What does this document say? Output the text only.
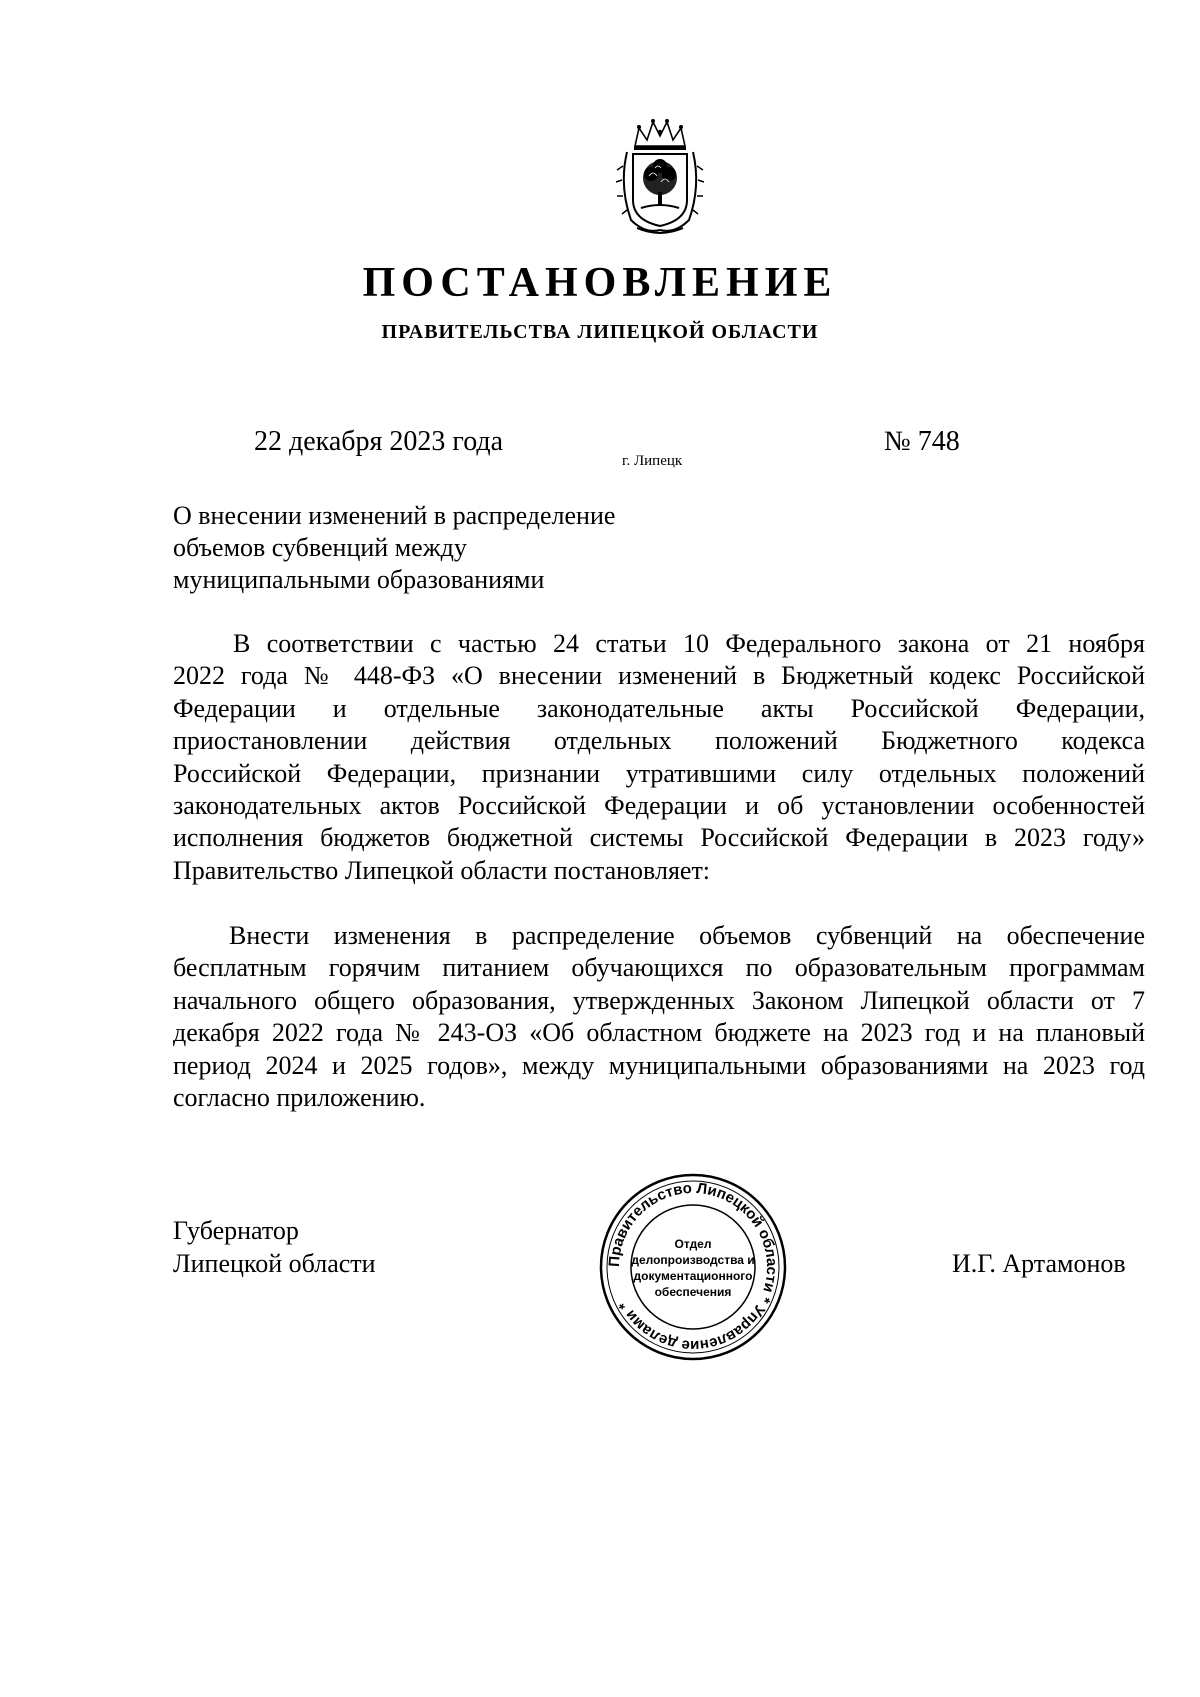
ПОСТАНОВЛЕНИЕ
ПРАВИТЕЛЬСТВА ЛИПЕЦКОЙ ОБЛАСТИ
22 декабря 2023 года
г. Липецк
№ 748
О внесении изменений в распределение
объемов субвенций между
муниципальными образованиями
В соответствии с частью 24 статьи 10 Федерального закона от 21 ноября
2022 года № 448-ФЗ «О внесении изменений в Бюджетный кодекс Российской
Федерации и отдельные законодательные акты Российской Федерации,
приостановлении действия отдельных положений Бюджетного кодекса
Российской Федерации, признании утратившими силу отдельных положений
законодательных актов Российской Федерации и об установлении особенностей
исполнения бюджетов бюджетной системы Российской Федерации в 2023 году»
Правительство Липецкой области постановляет:
Внести изменения в распределение объемов субвенций на обеспечение
бесплатным горячим питанием обучающихся по образовательным программам
начального общего образования, утвержденных Законом Липецкой области от 7
декабря 2022 года № 243-ОЗ «Об областном бюджете на 2023 год и на плановый
период 2024 и 2025 годов», между муниципальными образованиями на 2023 год
согласно приложению.
Губернатор
Липецкой области	Правительство Липецкой области * Управление делами *
Отдел
делопроизводства и
документационного
обеспечения
И.Г. Артамонов
